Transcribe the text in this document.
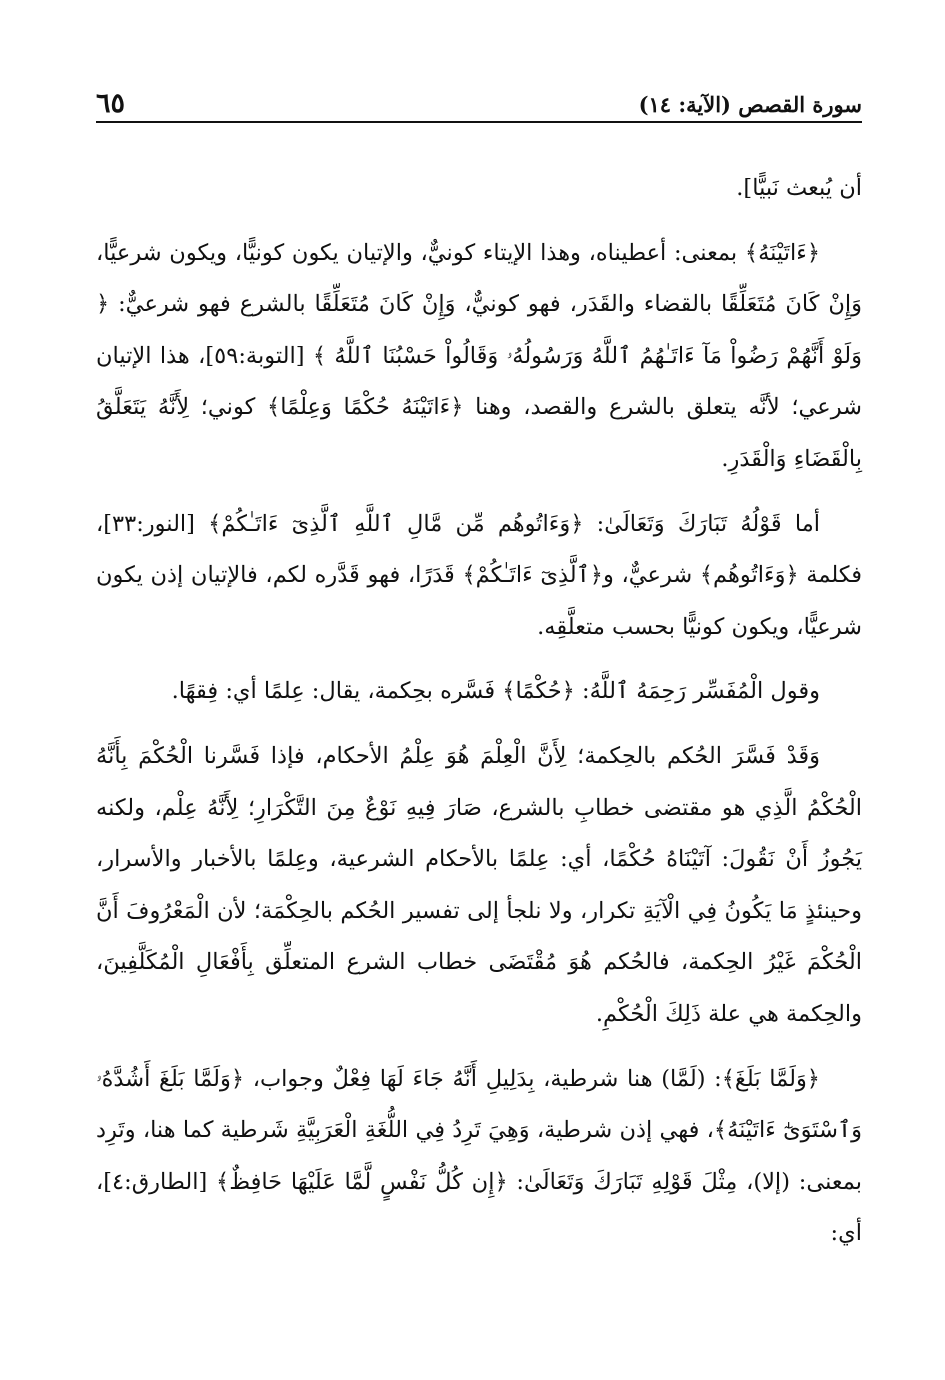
سورة القصص (الآية: ١٤)
٦٥

أن يُبعث نَبيًّا].

﴿ءَاتَيْنَهُ﴾ بمعنى: أعطيناه، وهذا الإيتاء كونيٌّ، والإتيان يكون كونيًّا، ويكون شرعيًّا، وَإِنْ كَانَ مُتَعَلِّقًا بالقضاء والقَدَر، فهو كونيٌّ، وَإِنْ كَانَ مُتَعَلِّقًا بالشرع فهو شرعيٌّ: ﴿ وَلَوْ أَنَّهُمْ رَضُواْ مَآ ءَاتَـٰهُمُ ٱللَّهُ وَرَسُولُهُۥ وَقَالُواْ حَسْبُنَا ٱللَّهُ ﴾ [التوبة:٥٩]، هذا الإتيان شرعي؛ لأنَّه يتعلق بالشرع والقصد، وهنا ﴿ءَاتَيْنَهُ حُكْمًا وَعِلْمًا﴾ كوني؛ لِأَنَّهُ يَتَعَلَّقُ بِالْقَضَاءِ وَالْقَدَرِ.

أما قَوْلُهُ تَبَارَكَ وَتَعَالَىٰ: ﴿وَءَاتُوهُم مِّن مَّالِ ٱللَّهِ ٱلَّذِىٓ ءَاتَـٰكُمْ﴾ [النور:٣٣]، فكلمة ﴿وَءَاتُوهُم﴾ شرعيٌّ، و﴿ٱلَّذِىٓ ءَاتَـٰكُمْ﴾ قَدَرًا، فهو قَدَّره لكم، فالإتيان إذن يكون شرعيًّا، ويكون كونيًّا بحسب متعلَّقِه.

وقول الْمُفَسِّر رَحِمَهُ ٱللَّهُ: ﴿حُكْمًا﴾ فَسَّره بحِكمة، يقال: عِلمًا أي: فِقهًا.

وَقَدْ فَسَّرَ الحُكم بالحِكمة؛ لِأَنَّ الْعِلْمَ هُوَ عِلْمُ الأحكام، فإذا فَسَّرنا الْحُكْمَ بِأَنَّهُ الْحُكْمُ الَّذِي هو مقتضى خطابِ بالشرع، صَارَ فِيهِ نَوْعٌ مِنَ التَّكْرَارِ؛ لِأَنَّهُ عِلْم، ولكنه يَجُوزُ أَنْ نَقُولَ: آتَيْنَاهُ حُكْمًا، أي: عِلمًا بالأحكام الشرعية، وعِلمًا بالأخبار والأسرار، وحينئذٍ مَا يَكُونُ فِي الْآيَةِ تكرار، ولا نلجأ إلى تفسير الحُكم بالحِكْمَة؛ لأن الْمَعْرُوفَ أَنَّ الْحُكْمَ غَيْرُ الحِكمة، فالحُكم هُوَ مُقْتَضَى خطاب الشرع المتعلِّق بِأَفْعَالِ الْمُكَلَّفِينَ، والحِكمة هي علة ذَلِكَ الْحُكْمِ.

﴿وَلَمَّا بَلَغَ﴾: (لَمَّا) هنا شرطية، بِدَلِيلِ أَنَّهُ جَاءَ لَهَا فِعْلٌ وجواب، ﴿وَلَمَّا بَلَغَ أَشُدَّهُۥ وَٱسْتَوَىٰٓ ءَاتَيْنَهُ﴾، فهي إذن شرطية، وَهِيَ تَرِدُ فِي اللُّغَةِ الْعَرَبِيَّةِ شَرطية كما هنا، وتَرِد بمعنى: (إلا)، مِثْلَ قَوْلِهِ تَبَارَكَ وَتَعَالَىٰ: ﴿إِن كُلُّ نَفْسٍ لَّمَّا عَلَيْهَا حَافِظٌ﴾ [الطارق:٤]، أي:
